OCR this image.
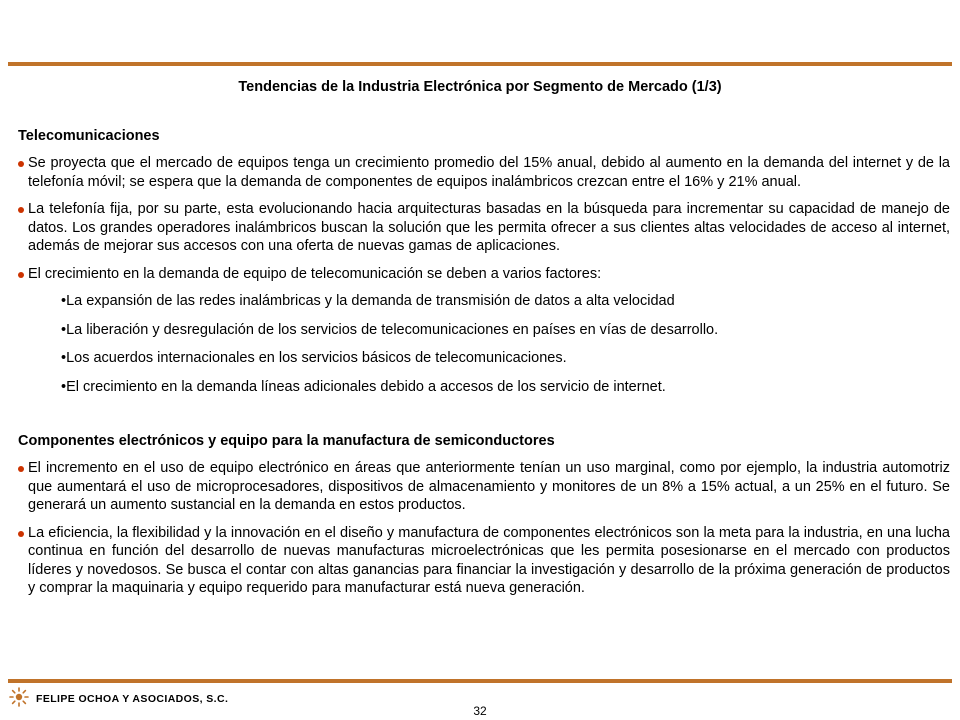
Tendencias de la Industria Electrónica por Segmento de Mercado (1/3)
Telecomunicaciones
Se proyecta que el mercado de equipos tenga un crecimiento promedio del 15% anual, debido al aumento en la demanda del internet y de la telefonía móvil; se espera que la demanda de componentes de equipos inalámbricos crezcan entre el 16% y 21% anual.
La telefonía fija, por su parte, esta evolucionando hacia arquitecturas basadas en la búsqueda para incrementar su capacidad de manejo de datos. Los grandes operadores inalámbricos buscan la solución que les permita ofrecer a sus clientes altas velocidades de acceso al internet, además de mejorar sus accesos con una oferta de nuevas gamas de aplicaciones.
El crecimiento en la demanda de equipo de telecomunicación se deben a varios factores:
•La expansión de las redes inalámbricas y la demanda de transmisión de datos a alta velocidad
•La liberación y desregulación de los servicios de telecomunicaciones en países en vías de desarrollo.
•Los acuerdos internacionales en los servicios básicos de telecomunicaciones.
•El crecimiento en la demanda líneas adicionales debido a accesos de los servicio de internet.
Componentes electrónicos y equipo para la manufactura de semiconductores
El incremento en el uso de equipo electrónico en áreas que anteriormente tenían un uso marginal, como por ejemplo, la industria automotriz que aumentará el uso de microprocesadores, dispositivos de almacenamiento y monitores de un 8% a 15% actual, a un 25% en el futuro. Se generará un aumento sustancial en la demanda en estos productos.
La eficiencia, la flexibilidad y la innovación en el diseño y manufactura de componentes electrónicos son la meta para la industria, en una lucha continua en función del desarrollo de nuevas manufacturas microelectrónicas que les permita posesionarse en el mercado con productos líderes y novedosos. Se busca el contar con altas ganancias para financiar la investigación y desarrollo de la próxima generación de productos y comprar la maquinaria y equipo requerido para manufacturar está nueva generación.
FELIPE OCHOA Y ASOCIADOS, S.C.
32
